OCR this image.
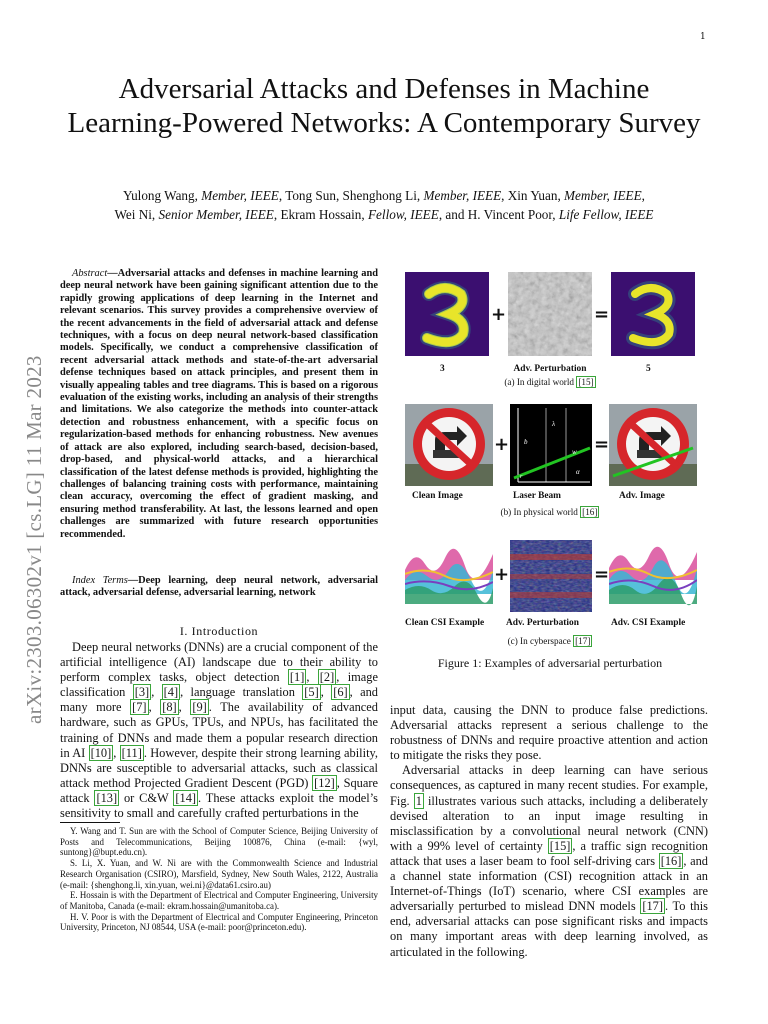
1
arXiv:2303.06302v1 [cs.LG] 11 Mar 2023
Adversarial Attacks and Defenses in Machine Learning-Powered Networks: A Contemporary Survey
Yulong Wang, Member, IEEE, Tong Sun, Shenghong Li, Member, IEEE, Xin Yuan, Member, IEEE,
Wei Ni, Senior Member, IEEE, Ekram Hossain, Fellow, IEEE, and H. Vincent Poor, Life Fellow, IEEE
Abstract—Adversarial attacks and defenses in machine learning and deep neural network have been gaining significant attention due to the rapidly growing applications of deep learning in the Internet and relevant scenarios. This survey provides a comprehensive overview of the recent advancements in the field of adversarial attack and defense techniques, with a focus on deep neural network-based classification models. Specifically, we conduct a comprehensive classification of recent adversarial attack methods and state-of-the-art adversarial defense techniques based on attack principles, and present them in visually appealing tables and tree diagrams. This is based on a rigorous evaluation of the existing works, including an analysis of their strengths and limitations. We also categorize the methods into counter-attack detection and robustness enhancement, with a specific focus on regularization-based methods for enhancing robustness. New avenues of attack are also explored, including search-based, decision-based, drop-based, and physical-world attacks, and a hierarchical classification of the latest defense methods is provided, highlighting the challenges of balancing training costs with performance, maintaining clean accuracy, overcoming the effect of gradient masking, and ensuring method transferability. At last, the lessons learned and open challenges are summarized with future research opportunities recommended.
Index Terms—Deep learning, deep neural network, adversarial attack, adversarial defense, adversarial learning, network
I. Introduction
Deep neural networks (DNNs) are a crucial component of the artificial intelligence (AI) landscape due to their ability to perform complex tasks, object detection [1] , [2] , image classification [3] , [4] , language translation [5] , [6] , and many more [7] , [8] , [9] . The availability of advanced hardware, such as GPUs, TPUs, and NPUs, has facilitated the training of DNNs and made them a popular research direction in AI [10] , [11] . However, despite their strong learning ability, DNNs are susceptible to adversarial attacks, such as classical attack method Projected Gradient Descent (PGD) [12] , Square attack [13] or C&W [14] . These attacks exploit the model’s sensitivity to small and carefully crafted perturbations in the

Y. Wang and T. Sun are with the School of Computer Science, Beijing University of Posts and Telecommunications, Beijing 100876, China (e-mail: {wyl, suntong}@bupt.edu.cn).

S. Li, X. Yuan, and W. Ni are with the Commonwealth Science and Industrial Research Organisation (CSIRO), Marsfield, Sydney, New South Wales, 2122, Australia (e-mail: {shenghong.li, xin.yuan, wei.ni}@data61.csiro.au)

E. Hossain is with the Department of Electrical and Computer Engineering, University of Manitoba, Canada (e-mail: ekram.hossain@umanitoba.ca).

H. V. Poor is with the Department of Electrical and Computer Engineering, Princeton University, Princeton, NJ 08544, USA (e-mail: poor@princeton.edu).

+	=
3	Adv. Perturbation	5
(a) In digital world [15]
+ b
λ
w
α
r
=
Clean Image	Laser Beam	Adv. Image
(b) In physical world [16]
+	=
Clean CSI Example Adv. Perturbation	Adv. CSI Example
(c) In cyberspace [17]
Figure 1: Examples of adversarial perturbation

input data, causing the DNN to produce false predictions. Adversarial attacks represent a serious challenge to the robustness of DNNs and require proactive attention and action to mitigate the risks they pose.

Adversarial attacks in deep learning can have serious consequences, as captured in many recent studies. For example, Fig. 1 illustrates various such attacks, including a deliberately devised alteration to an input image resulting in misclassification by a convolutional neural network (CNN) with a 99% level of certainty [15] , a traffic sign recognition attack that uses a laser beam to fool self-driving cars [16] , and a channel state information (CSI) recognition attack in an Internet-of-Things (IoT) scenario, where CSI examples are adversarially perturbed to mislead DNN models [17] . To this end, adversarial attacks can pose significant risks and impacts on many important areas with deep learning involved, as articulated in the following.
